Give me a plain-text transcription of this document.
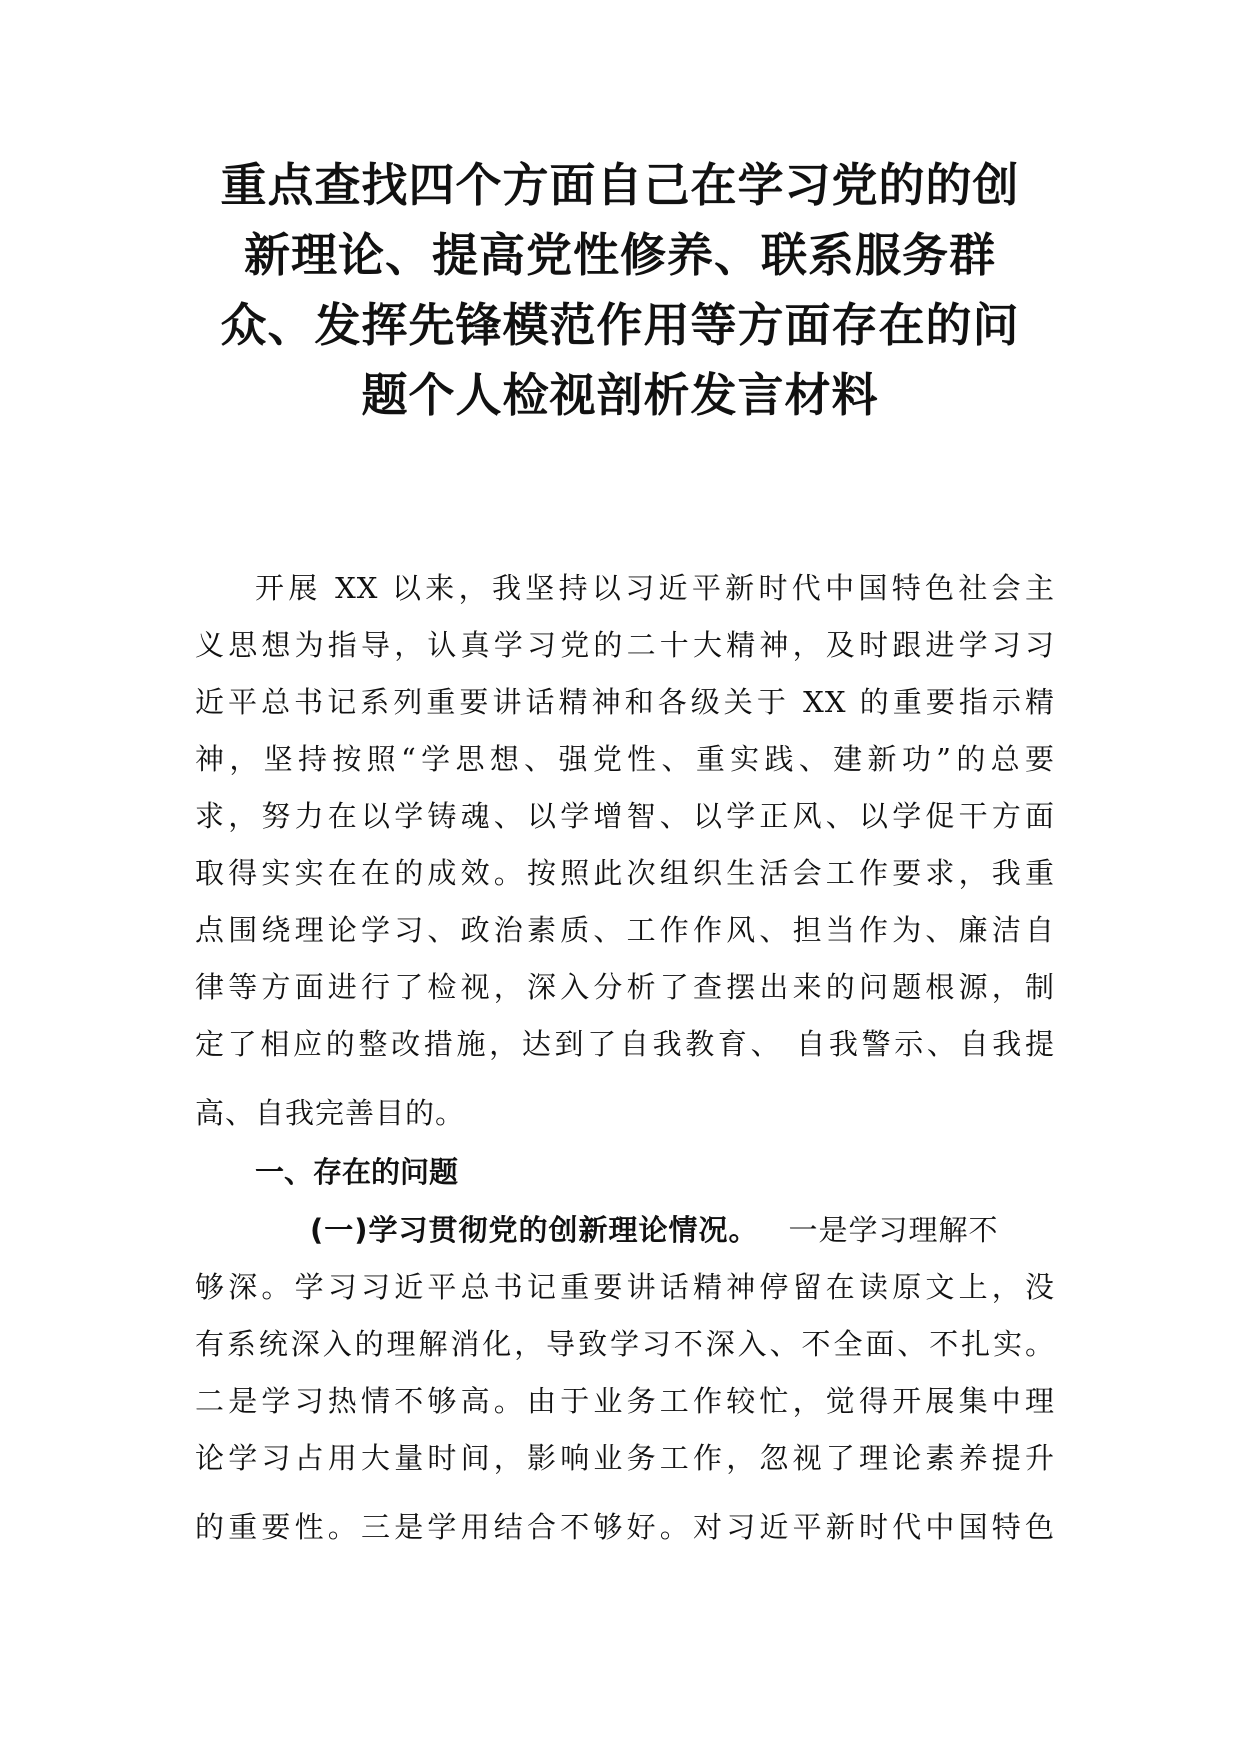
重点查找四个方面自己在学习党的的创
新理论、提高党性修养、联系服务群
众、发挥先锋模范作用等方面存在的问
题个人检视剖析发言材料
开展 XX 以来，我坚持以习近平新时代中国特色社会主
义思想为指导，认真学习党的二十大精神，及时跟进学习习
近平总书记系列重要讲话精神和各级关于 XX 的重要指示精
神，坚持按照“学思想、强党性、重实践、建新功”的总要
求，努力在以学铸魂、以学增智、以学正风、以学促干方面
取得实实在在的成效。按照此次组织生活会工作要求，我重
点围绕理论学习、政治素质、工作作风、担当作为、廉洁自
律等方面进行了检视，深入分析了查摆出来的问题根源，制
定了相应的整改措施，达到了自我教育、 自我警示、自我提
高、自我完善目的。
一、存在的问题
(一)学习贯彻党的创新理论情况。 一是学习理解不
够深。学习习近平总书记重要讲话精神停留在读原文上，没
有系统深入的理解消化，导致学习不深入、不全面、不扎实。
二是学习热情不够高。由于业务工作较忙，觉得开展集中理
论学习占用大量时间，影响业务工作，忽视了理论素养提升
的重要性。三是学用结合不够好。对习近平新时代中国特色
